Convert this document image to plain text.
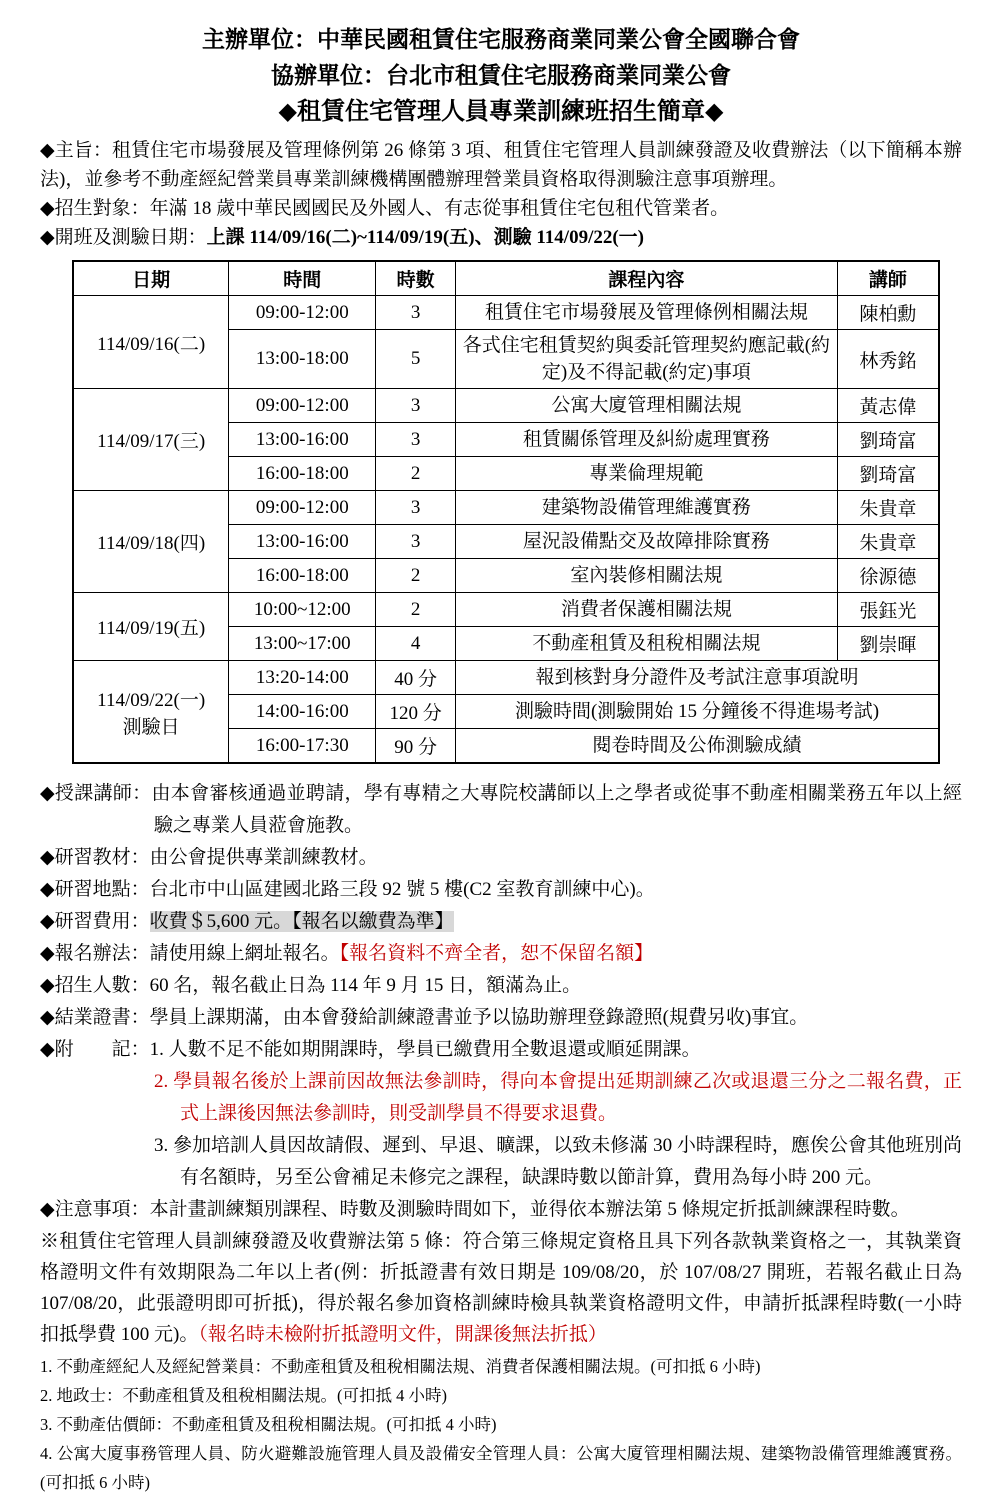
主辦單位：中華民國租賃住宅服務商業同業公會全國聯合會
協辦單位：台北市租賃住宅服務商業同業公會
◆租賃住宅管理人員專業訓練班招生簡章◆
◆主旨：租賃住宅市場發展及管理條例第 26 條第 3 項、租賃住宅管理人員訓練發證及收費辦法（以下簡稱本辦法)，並參考不動產經紀營業員專業訓練機構團體辦理營業員資格取得測驗注意事項辦理。
◆招生對象：年滿 18 歲中華民國國民及外國人、有志從事租賃住宅包租代管業者。
◆開班及測驗日期：上課 114/09/16(二)~114/09/19(五)、測驗 114/09/22(一)
日期	時間	時數	課程內容	講師
114/09/16(二)	09:00-12:00	3	租賃住宅市場發展及管理條例相關法規	陳柏勳
	13:00-18:00	5	各式住宅租賃契約與委託管理契約應記載(約定)及不得記載(約定)事項	林秀銘
114/09/17(三)	09:00-12:00	3	公寓大廈管理相關法規	黃志偉
	13:00-16:00	3	租賃關係管理及糾紛處理實務	劉琦富
	16:00-18:00	2	專業倫理規範	劉琦富
114/09/18(四)	09:00-12:00	3	建築物設備管理維護實務	朱貴章
	13:00-16:00	3	屋況設備點交及故障排除實務	朱貴章
	16:00-18:00	2	室內裝修相關法規	徐源德
114/09/19(五)	10:00~12:00	2	消費者保護相關法規	張鈺光
	13:00~17:00	4	不動產租賃及租稅相關法規	劉崇暉

114/09/22(一)
測驗日	13:20-14:00	40 分	報到核對身分證件及考試注意事項說明	
	14:00-16:00	120 分	測驗時間(測驗開始 15 分鐘後不得進場考試)	
	16:00-17:30	90 分	閱卷時間及公佈測驗成績	
◆授課講師：由本會審核通過並聘請，學有專精之大專院校講師以上之學者或從事不動產相關業務五年以上經驗之專業人員蒞會施教。
◆研習教材：由公會提供專業訓練教材。
◆研習地點：台北市中山區建國北路三段 92 號 5 樓(C2 室教育訓練中心)。
◆研習費用：收費＄5,600 元。【報名以繳費為準】
◆報名辦法：請使用線上網址報名。【報名資料不齊全者，恕不保留名額】
◆招生人數：60 名，報名截止日為 114 年 9 月 15 日，額滿為止。
◆結業證書：學員上課期滿，由本會發給訓練證書並予以協助辦理登錄證照(規費另收)事宜。
◆附　　記：1. 人數不足不能如期開課時，學員已繳費用全數退還或順延開課。
2. 學員報名後於上課前因故無法參訓時，得向本會提出延期訓練乙次或退還三分之二報名費，正式上課後因無法參訓時，則受訓學員不得要求退費。
3. 參加培訓人員因故請假、遲到、早退、曠課，以致未修滿 30 小時課程時，應俟公會其他班別尚有名額時，另至公會補足未修完之課程，缺課時數以節計算，費用為每小時 200 元。
◆注意事項：本計畫訓練類別課程、時數及測驗時間如下，並得依本辦法第 5 條規定折抵訓練課程時數。
※租賃住宅管理人員訓練發證及收費辦法第 5 條：符合第三條規定資格且具下列各款執業資格之一，其執業資格證明文件有效期限為二年以上者(例：折抵證書有效日期是 109/08/20，於 107/08/27 開班，若報名截止日為 107/08/20，此張證明即可折抵)，得於報名參加資格訓練時檢具執業資格證明文件，申請折抵課程時數(一小時扣抵學費 100 元)。（報名時未檢附折抵證明文件，開課後無法折抵）
1. 不動產經紀人及經紀營業員：不動產租賃及租稅相關法規、消費者保護相關法規。(可扣抵 6 小時)
2. 地政士：不動產租賃及租稅相關法規。(可扣抵 4 小時)
3. 不動產估價師：不動產租賃及租稅相關法規。(可扣抵 4 小時)
4. 公寓大廈事務管理人員、防火避難設施管理人員及設備安全管理人員：公寓大廈管理相關法規、建築物設備管理維護實務。(可扣抵 6 小時)
